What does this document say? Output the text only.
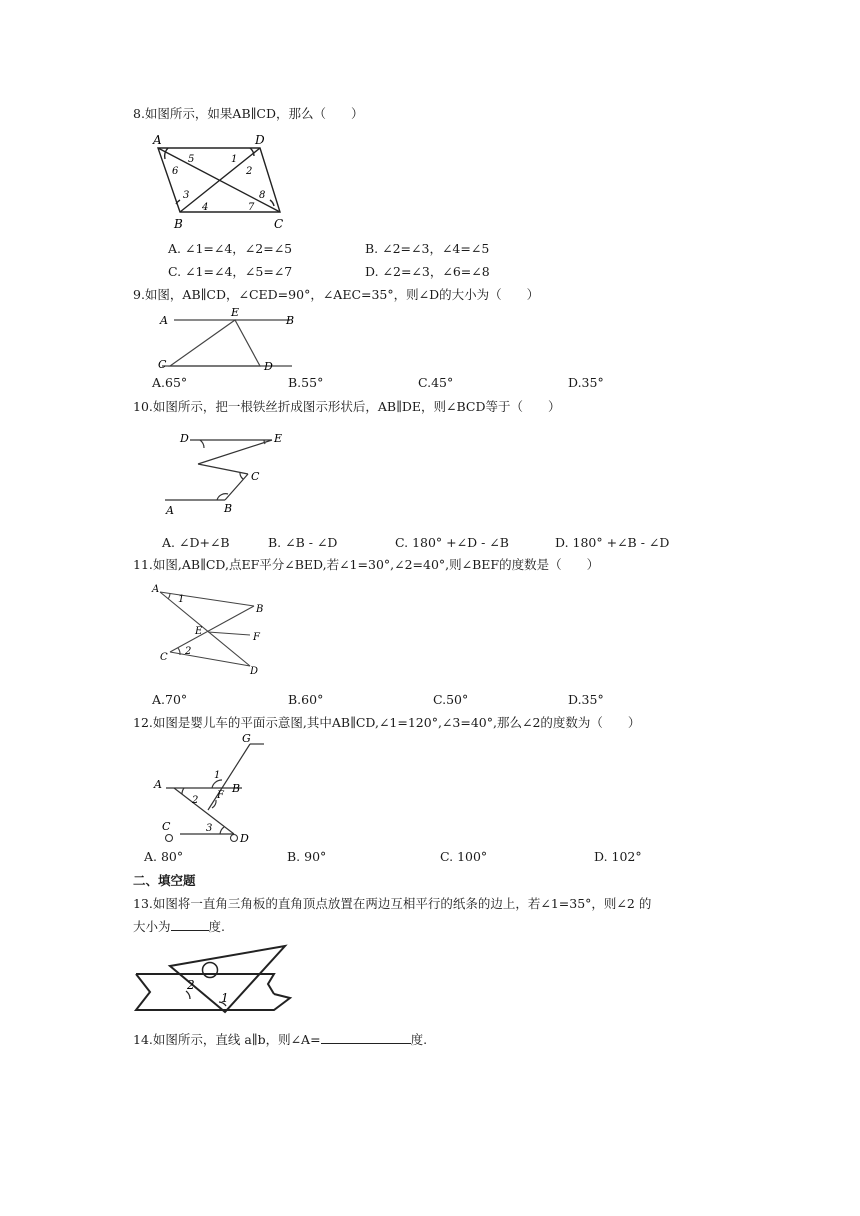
8.如图所示，如果AB∥CD，那么（　　）
A	D
B	C
5	1
6	2
3
4	7
8
A. ∠1=∠4，∠2=∠5	B. ∠2=∠3，∠4=∠5
C. ∠1=∠4，∠5=∠7	D. ∠2=∠3，∠6=∠8
9.如图，AB∥CD，∠CED=90°，∠AEC=35°，则∠D的大小为（　　）
A
E
B
C	D
A.65°	B.55°	C.45°	D.35°
10.如图所示，把一根铁丝折成图示形状后，AB∥DE，则∠BCD等于（　　）
D	E
C
A	B
A. ∠D+∠B	B. ∠B - ∠D	C. 180° +∠D - ∠B	D. 180° +∠B - ∠D
11.如图,AB∥CD,点EF平分∠BED,若∠1=30°,∠2=40°,则∠BEF的度数是（　　）
A
1
B
E
F
C
2
D
A.70°	B.60°	C.50°	D.35°
12.如图是婴儿车的平面示意图,其中AB∥CD,∠1=120°,∠3=40°,那么∠2的度数为（　　）
G
1
A	B
2 F
C	3
D
A. 80°	B. 90°	C. 100°	D. 102°
二、填空题
13.如图将一直角三角板的直角顶点放置在两边互相平行的纸条的边上，若∠1=35°，则∠2 的
大小为	度.
2
1
14.如图所示，直线 a∥b，则∠A=	度.
